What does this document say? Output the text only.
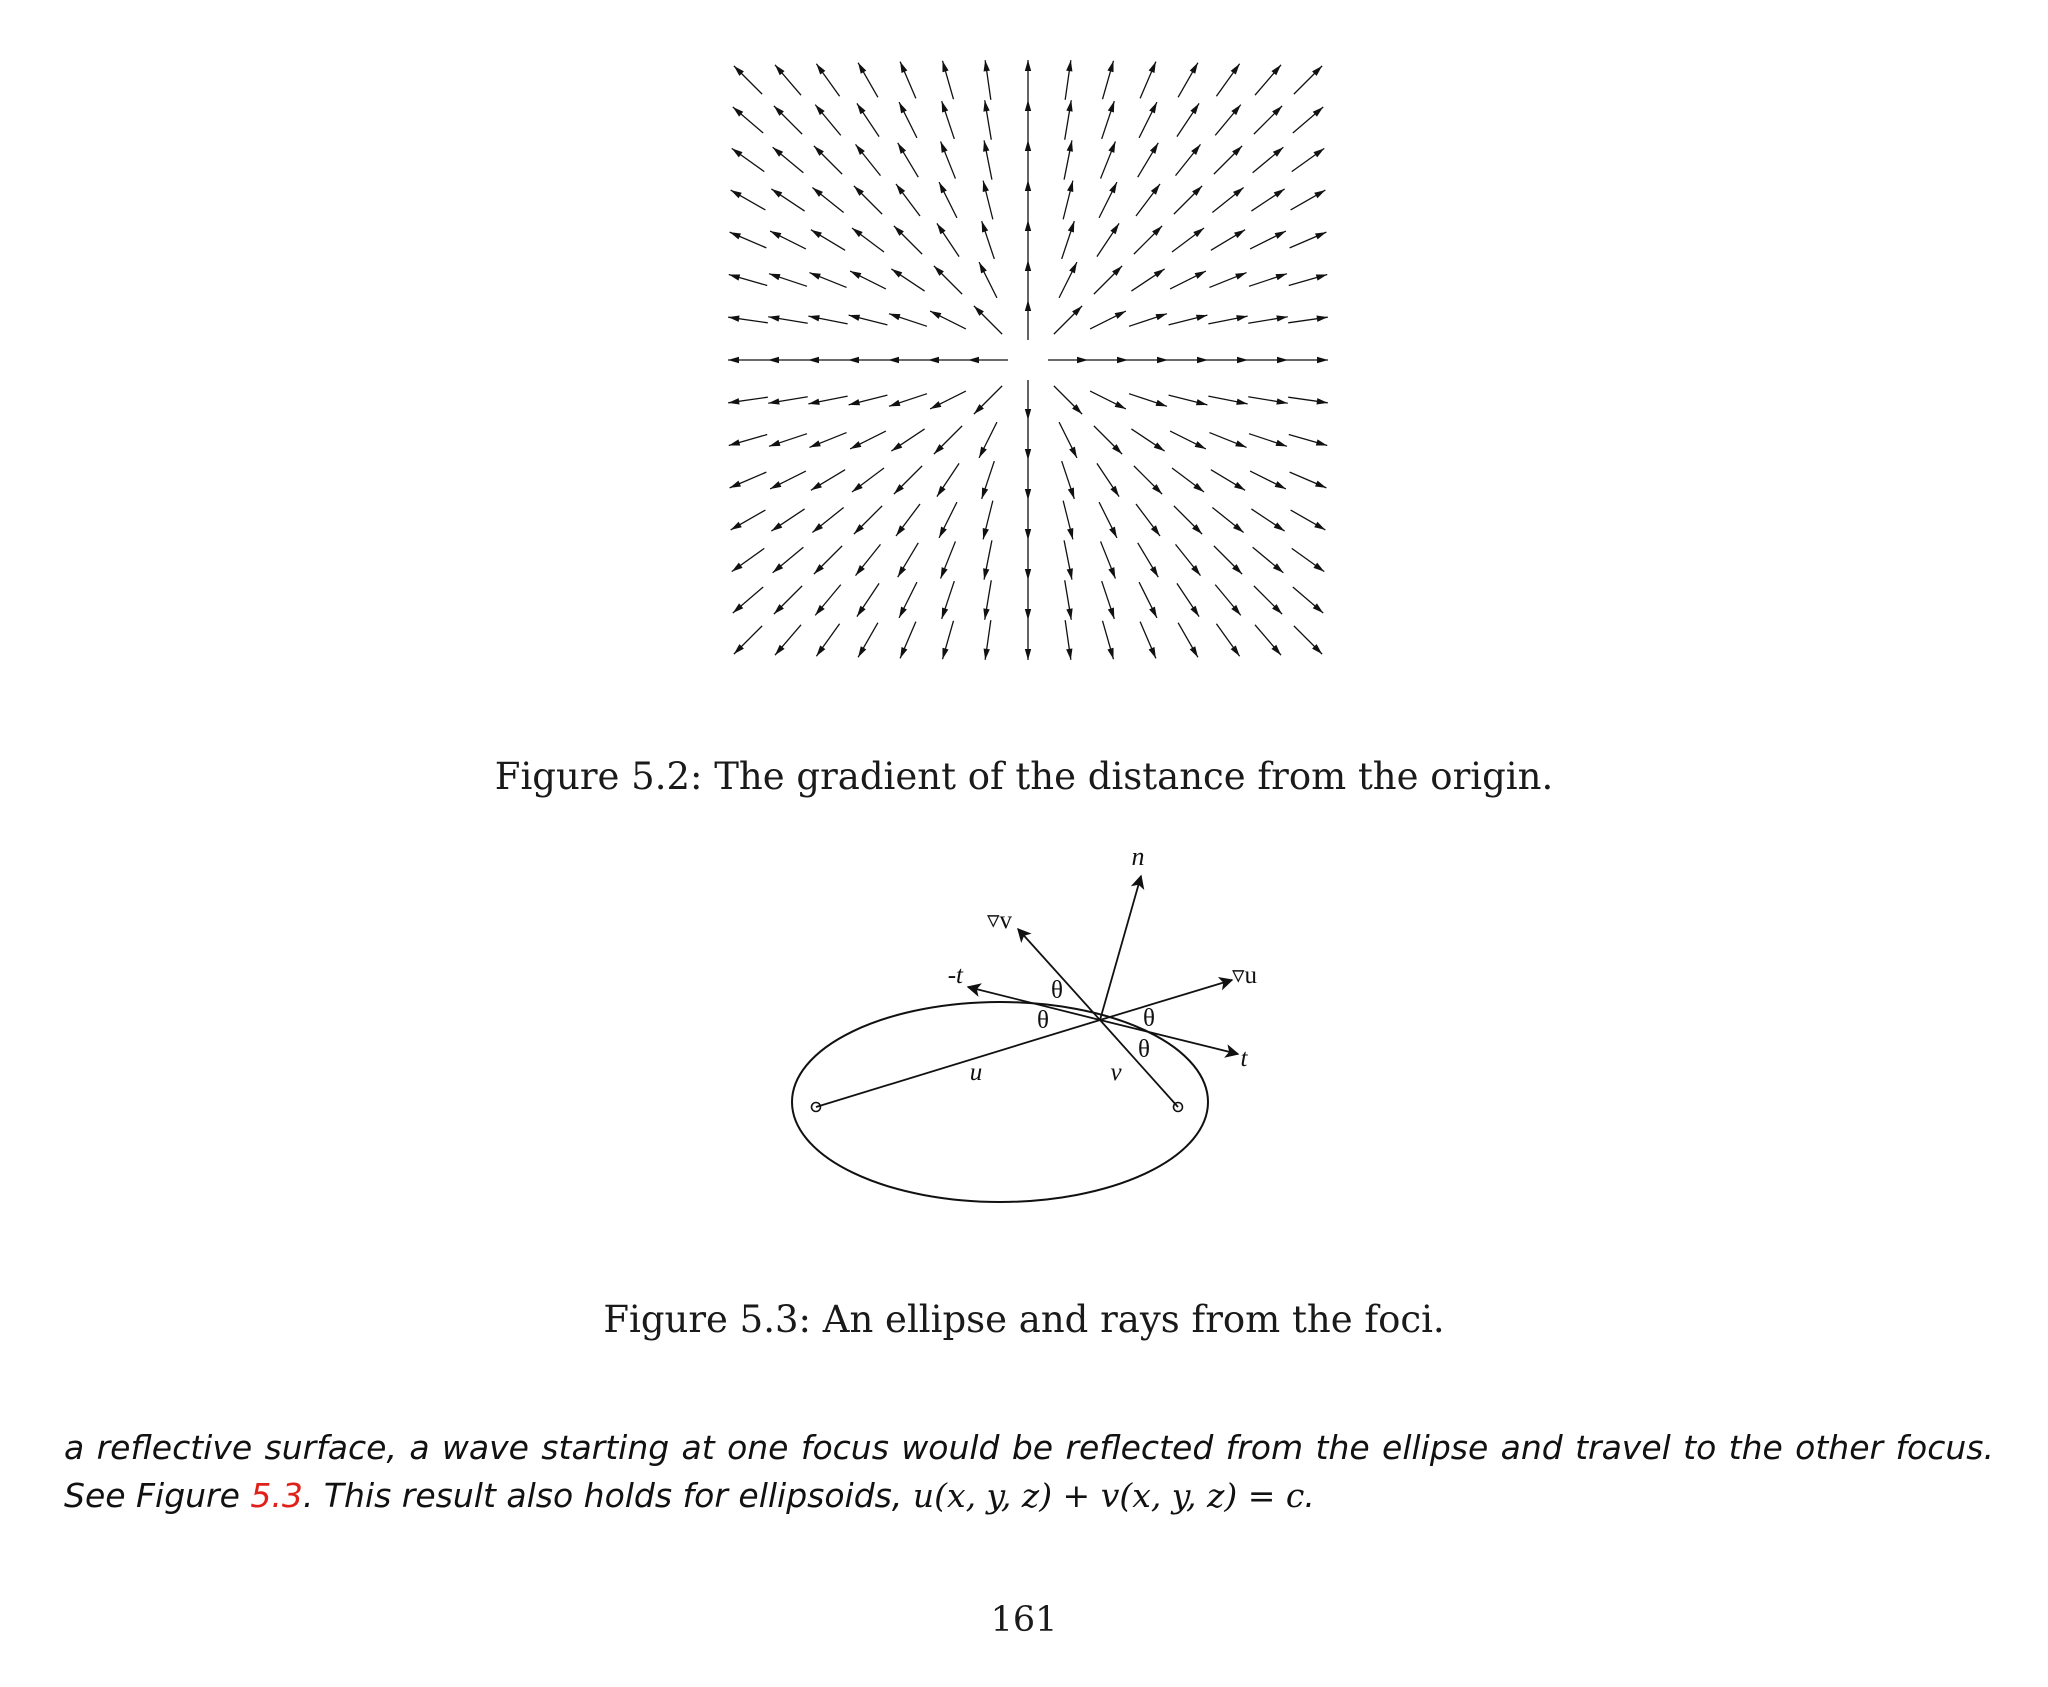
Figure 5.2: The gradient of the distance from the origin.
n
▿v
▿u
-t
t
u	v
θ
θ	θ
θ
Figure 5.3: An ellipse and rays from the foci.
a reflective surface, a wave starting at one focus would be reflected from the ellipse and travel to the other focus. See Figure 5.3. This result also holds for ellipsoids, u(x, y, z) + v(x, y, z) = c.
161
